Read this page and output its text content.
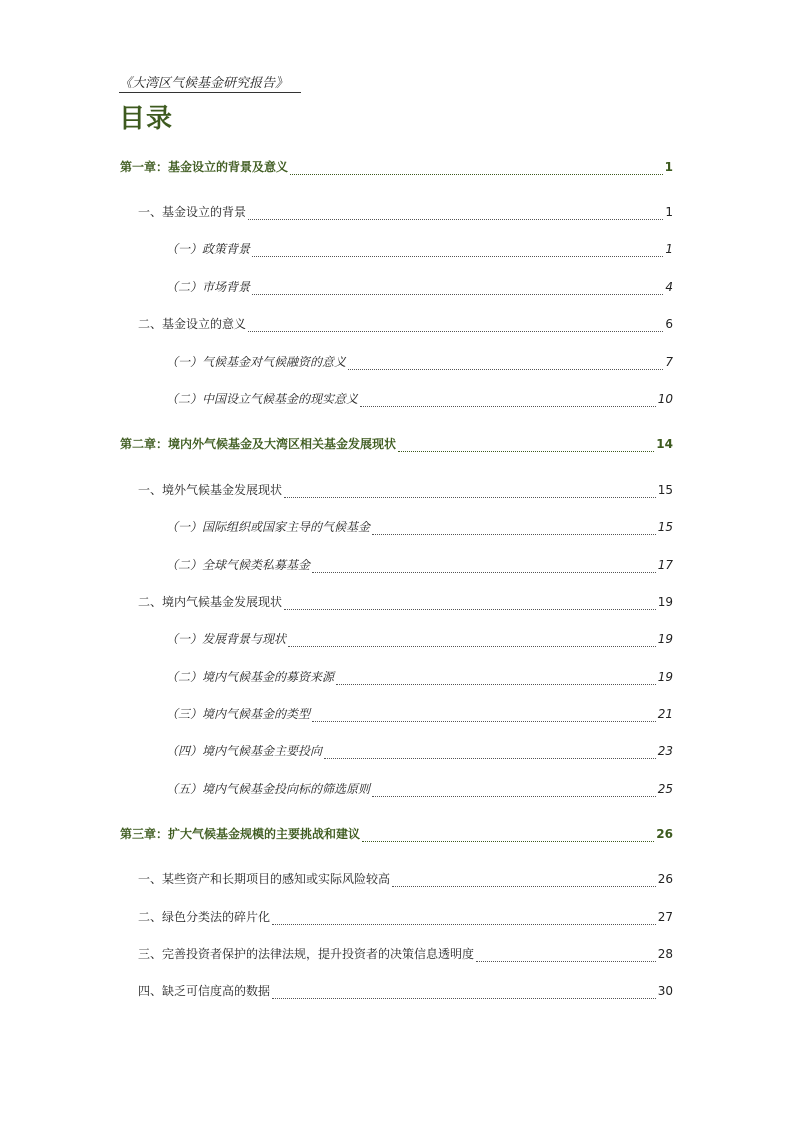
《大湾区气候基金研究报告》
目录
第一章：基金设立的背景及意义	1
一、基金设立的背景	1
（一）政策背景	1
（二）市场背景	4
二、基金设立的意义	6
（一）气候基金对气候融资的意义	7
（二）中国设立气候基金的现实意义	10
第二章：境内外气候基金及大湾区相关基金发展现状	14
一、境外气候基金发展现状	15
（一）国际组织或国家主导的气候基金	15
（二）全球气候类私募基金	17
二、境内气候基金发展现状	19
（一）发展背景与现状	19
（二）境内气候基金的募资来源	19
（三）境内气候基金的类型	21
（四）境内气候基金主要投向	23
（五）境内气候基金投向标的筛选原则	25
第三章：扩大气候基金规模的主要挑战和建议	26
一、某些资产和长期项目的感知或实际风险较高	26
二、绿色分类法的碎片化	27
三、完善投资者保护的法律法规，提升投资者的决策信息透明度	28
四、缺乏可信度高的数据	30
